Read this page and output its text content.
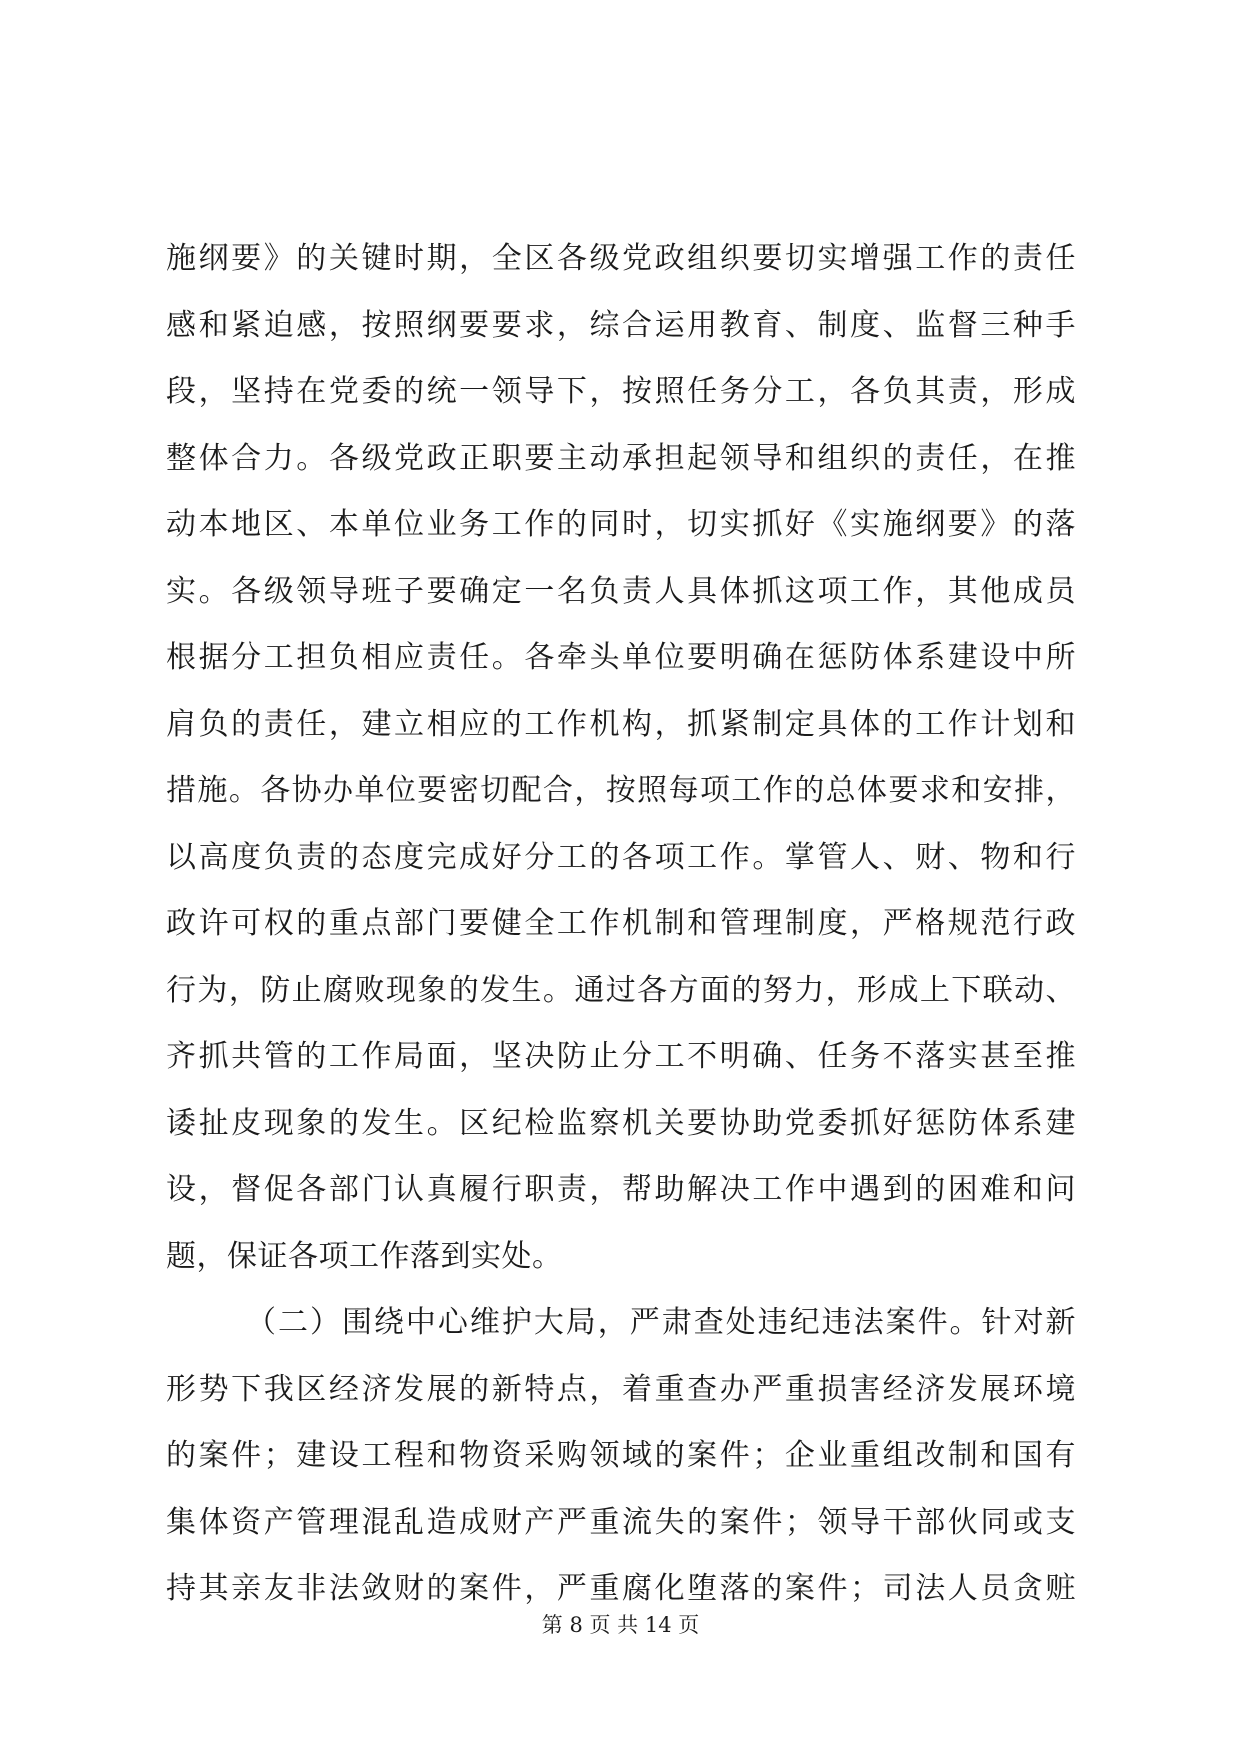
施纲要》的关键时期，全区各级党政组织要切实增强工作的责任
感和紧迫感，按照纲要要求，综合运用教育、制度、监督三种手
段，坚持在党委的统一领导下，按照任务分工，各负其责，形成
整体合力。各级党政正职要主动承担起领导和组织的责任，在推
动本地区、本单位业务工作的同时，切实抓好《实施纲要》的落
实。各级领导班子要确定一名负责人具体抓这项工作，其他成员
根据分工担负相应责任。各牵头单位要明确在惩防体系建设中所
肩负的责任，建立相应的工作机构，抓紧制定具体的工作计划和
措施。各协办单位要密切配合，按照每项工作的总体要求和安排，
以高度负责的态度完成好分工的各项工作。掌管人、财、物和行
政许可权的重点部门要健全工作机制和管理制度，严格规范行政
行为，防止腐败现象的发生。通过各方面的努力，形成上下联动、
齐抓共管的工作局面，坚决防止分工不明确、任务不落实甚至推
诿扯皮现象的发生。区纪检监察机关要协助党委抓好惩防体系建
设，督促各部门认真履行职责，帮助解决工作中遇到的困难和问
题，保证各项工作落到实处。
（二）围绕中心维护大局，严肃查处违纪违法案件。针对新
形势下我区经济发展的新特点，着重查办严重损害经济发展环境
的案件；建设工程和物资采购领域的案件；企业重组改制和国有
集体资产管理混乱造成财产严重流失的案件；领导干部伙同或支
持其亲友非法敛财的案件，严重腐化堕落的案件；司法人员贪赃
第 8 页 共 14 页
